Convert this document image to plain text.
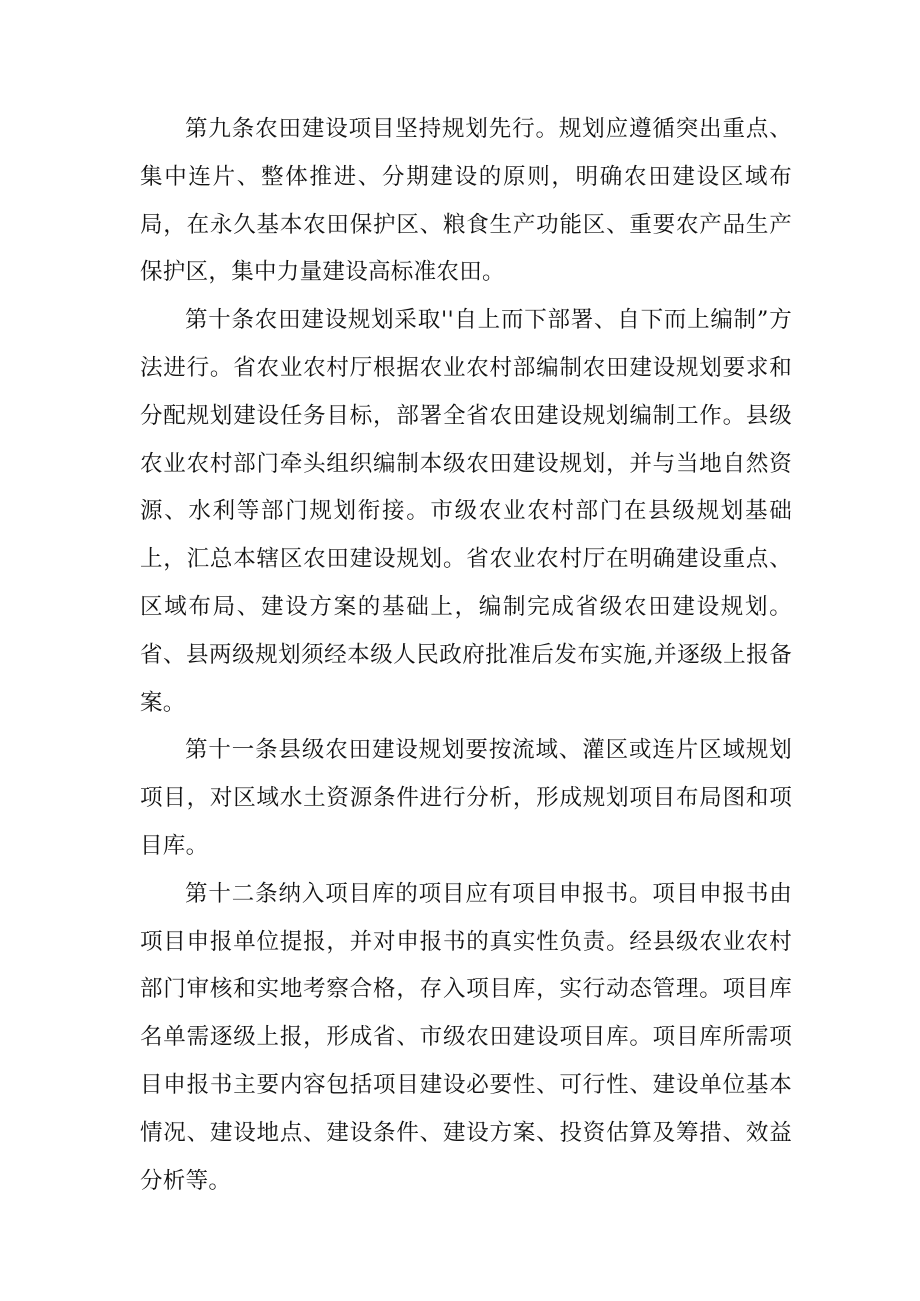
第九条农田建设项目坚持规划先行。规划应遵循突出重点、集中连片、整体推进、分期建设的原则，明确农田建设区域布局，在永久基本农田保护区、粮食生产功能区、重要农产品生产保护区，集中力量建设高标准农田。

第十条农田建设规划采取''自上而下部署、自下而上编制”方法进行。省农业农村厅根据农业农村部编制农田建设规划要求和分配规划建设任务目标，部署全省农田建设规划编制工作。县级农业农村部门牵头组织编制本级农田建设规划，并与当地自然资源、水利等部门规划衔接。市级农业农村部门在县级规划基础上，汇总本辖区农田建设规划。省农业农村厅在明确建设重点、区域布局、建设方案的基础上，编制完成省级农田建设规划。省、县两级规划须经本级人民政府批准后发布实施,并逐级上报备案。

第十一条县级农田建设规划要按流域、灌区或连片区域规划项目，对区域水土资源条件进行分析，形成规划项目布局图和项目库。

第十二条纳入项目库的项目应有项目申报书。项目申报书由项目申报单位提报，并对申报书的真实性负责。经县级农业农村部门审核和实地考察合格，存入项目库，实行动态管理。项目库名单需逐级上报，形成省、市级农田建设项目库。项目库所需项目申报书主要内容包括项目建设必要性、可行性、建设单位基本情况、建设地点、建设条件、建设方案、投资估算及筹措、效益分析等。
